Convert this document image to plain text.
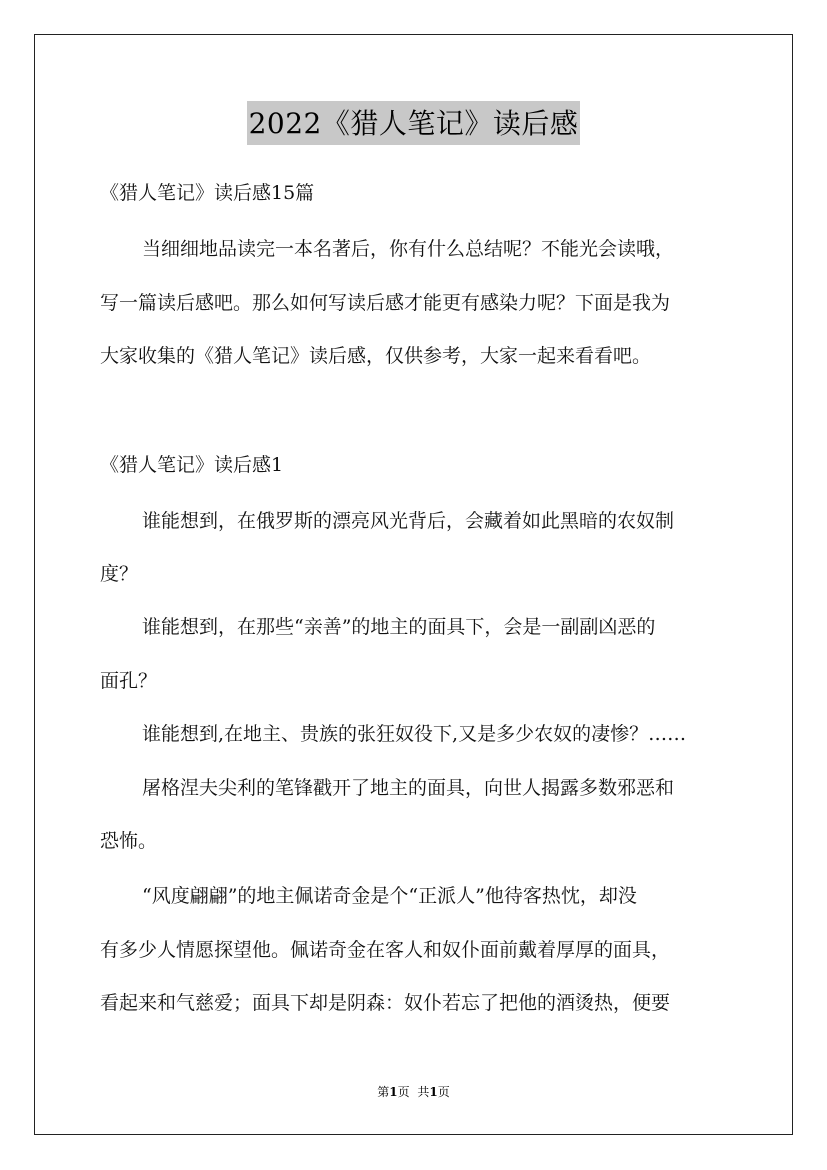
2022《猎人笔记》读后感
《猎人笔记》读后感15篇
当细细地品读完一本名著后，你有什么总结呢？不能光会读哦，
写一篇读后感吧。那么如何写读后感才能更有感染力呢？下面是我为
大家收集的《猎人笔记》读后感，仅供参考，大家一起来看看吧。
《猎人笔记》读后感1
谁能想到，在俄罗斯的漂亮风光背后，会藏着如此黑暗的农奴制
度？
谁能想到，在那些“亲善”的地主的面具下，会是一副副凶恶的
面孔？
谁能想到,在地主、贵族的张狂奴役下,又是多少农奴的凄惨？……
屠格涅夫尖利的笔锋戳开了地主的面具，向世人揭露多数邪恶和
恐怖。
“风度翩翩”的地主佩诺奇金是个“正派人”他待客热忱，却没
有多少人情愿探望他。佩诺奇金在客人和奴仆面前戴着厚厚的面具，
看起来和气慈爱；面具下却是阴森：奴仆若忘了把他的酒烫热，便要
第1页 共1页
